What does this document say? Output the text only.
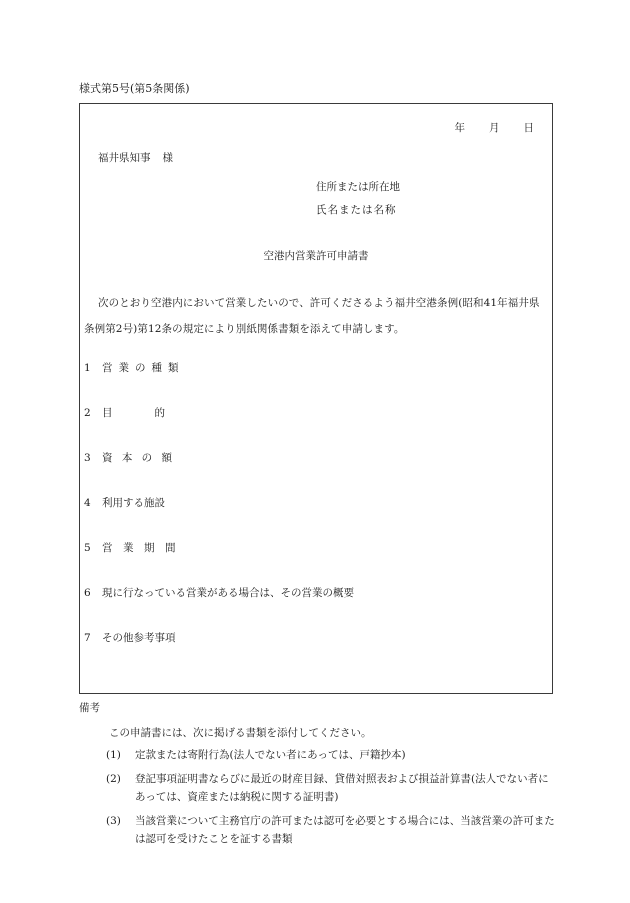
様式第5号(第5条関係)
年 月 日
福井県知事 様
住所または所在地
氏名または名称
空港内営業許可申請書
次のとおり空港内において営業したいので、許可くださるよう福井空港条例(昭和41年福井県条例第2号)第12条の規定により別紙関係書類を添えて申請します。
1 営業の種類
2 目　　　　的
3 資 本 の 額
4 利用する施設
5 営　業　期　間
6 現に行なっている営業がある場合は、その営業の概要
7 その他参考事項
備考
この申請書には、次に掲げる書類を添付してください。
(1) 定款または寄附行為(法人でない者にあっては、戸籍抄本)
(2) 登記事項証明書ならびに最近の財産目録、貸借対照表および損益計算書(法人でない者にあっては、資産または納税に関する証明書)
(3) 当該営業について主務官庁の許可または認可を必要とする場合には、当該営業の許可または認可を受けたことを証する書類
